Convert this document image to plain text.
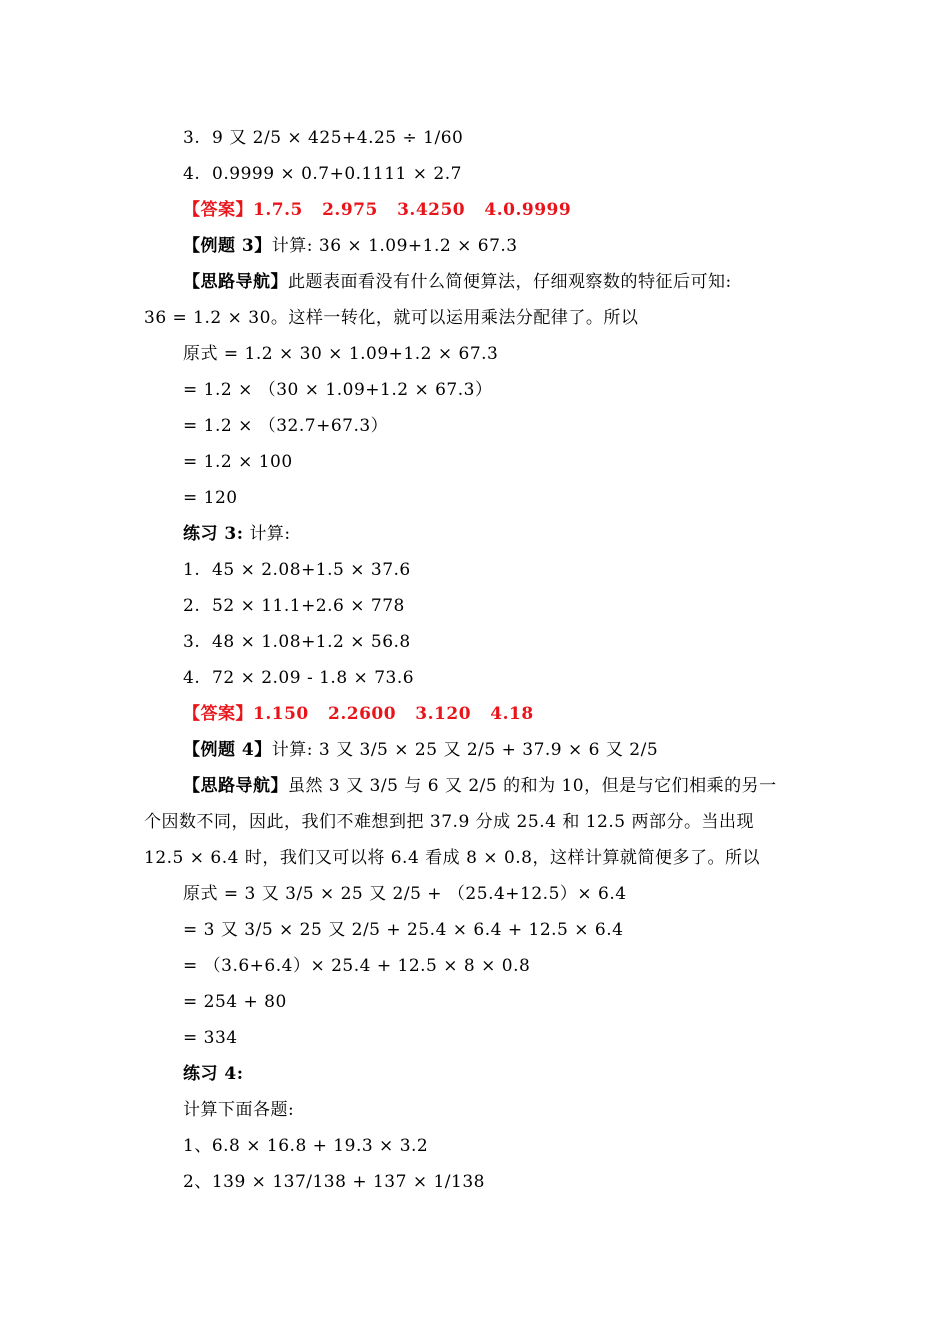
3.  9 又 2/5 × 425+4.25 ÷ 1/60
4.  0.9999 × 0.7+0.1111 × 2.7
【答案】1.7.5   2.975   3.4250   4.0.9999
【例题 3】计算: 36 × 1.09+1.2 × 67.3
【思路导航】此题表面看没有什么简便算法，仔细观察数的特征后可知:
36 = 1.2 × 30。这样一转化，就可以运用乘法分配律了。所以
原式 = 1.2 × 30 × 1.09+1.2 × 67.3
= 1.2 × （30 × 1.09+1.2 × 67.3）
= 1.2 × （32.7+67.3）
= 1.2 × 100
= 120
练习 3: 计算:
1.  45 × 2.08+1.5 × 37.6
2.  52 × 11.1+2.6 × 778
3.  48 × 1.08+1.2 × 56.8
4.  72 × 2.09 - 1.8 × 73.6
【答案】1.150   2.2600   3.120   4.18
【例题 4】计算: 3 又 3/5 × 25 又 2/5 + 37.9 × 6 又 2/5
【思路导航】虽然 3 又 3/5 与 6 又 2/5 的和为 10，但是与它们相乘的另一
个因数不同，因此，我们不难想到把 37.9 分成 25.4 和 12.5 两部分。当出现
12.5 × 6.4 时，我们又可以将 6.4 看成 8 × 0.8，这样计算就简便多了。所以
原式 = 3 又 3/5 × 25 又 2/5 + （25.4+12.5）× 6.4
= 3 又 3/5 × 25 又 2/5 + 25.4 × 6.4 + 12.5 × 6.4
= （3.6+6.4）× 25.4 + 12.5 × 8 × 0.8
= 254 + 80
= 334
练习 4:
计算下面各题:
1、6.8 × 16.8 + 19.3 × 3.2
2、139 × 137/138 + 137 × 1/138
